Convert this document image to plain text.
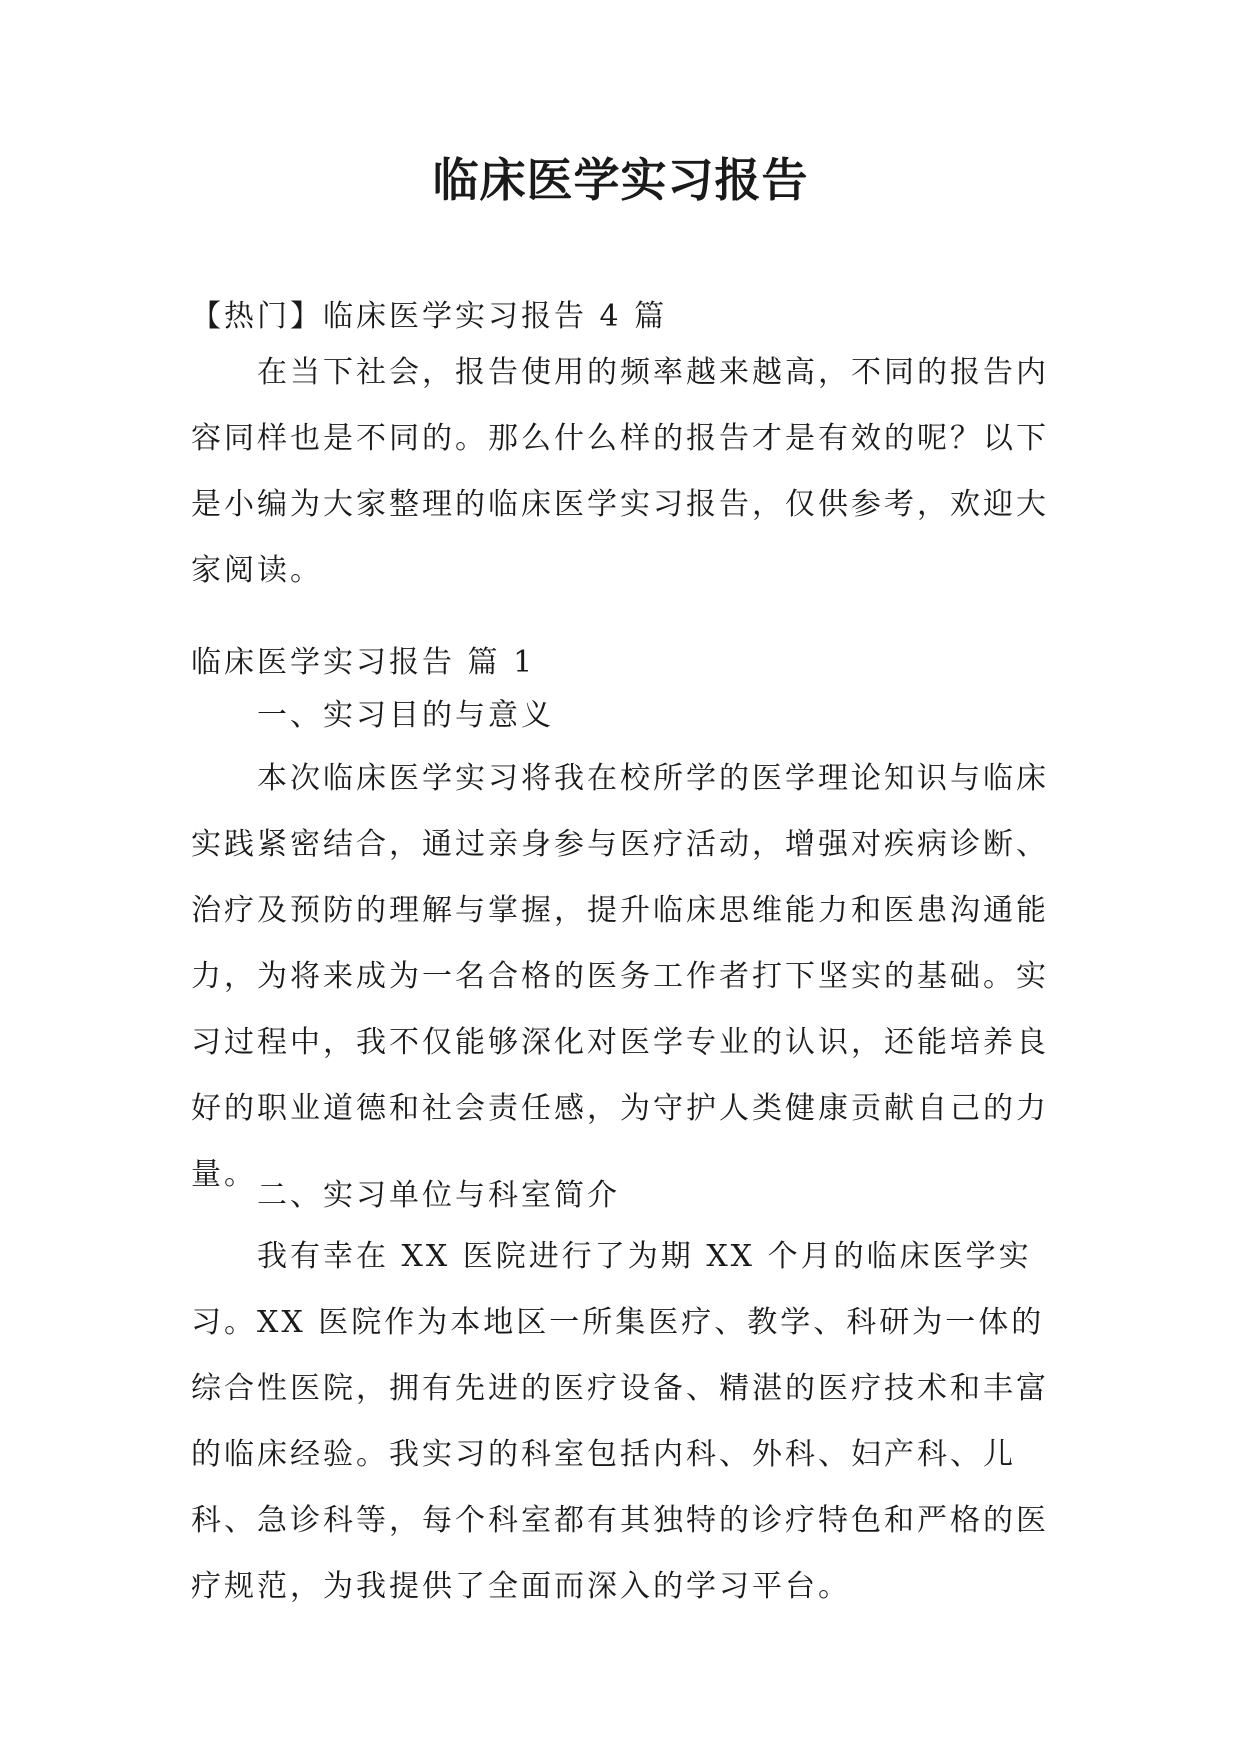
临床医学实习报告

【热门】临床医学实习报告 4 篇

在当下社会，报告使用的频率越来越高，不同的报告内容同样也是不同的。那么什么样的报告才是有效的呢？以下是小编为大家整理的临床医学实习报告，仅供参考，欢迎大家阅读。

临床医学实习报告 篇 1

一、实习目的与意义

本次临床医学实习将我在校所学的医学理论知识与临床实践紧密结合，通过亲身参与医疗活动，增强对疾病诊断、治疗及预防的理解与掌握，提升临床思维能力和医患沟通能力，为将来成为一名合格的医务工作者打下坚实的基础。实习过程中，我不仅能够深化对医学专业的认识，还能培养良好的职业道德和社会责任感，为守护人类健康贡献自己的力量。

二、实习单位与科室简介

我有幸在 XX 医院进行了为期 XX 个月的临床医学实习。XX 医院作为本地区一所集医疗、教学、科研为一体的综合性医院，拥有先进的医疗设备、精湛的医疗技术和丰富的临床经验。我实习的科室包括内科、外科、妇产科、儿科、急诊科等，每个科室都有其独特的诊疗特色和严格的医疗规范，为我提供了全面而深入的学习平台。
